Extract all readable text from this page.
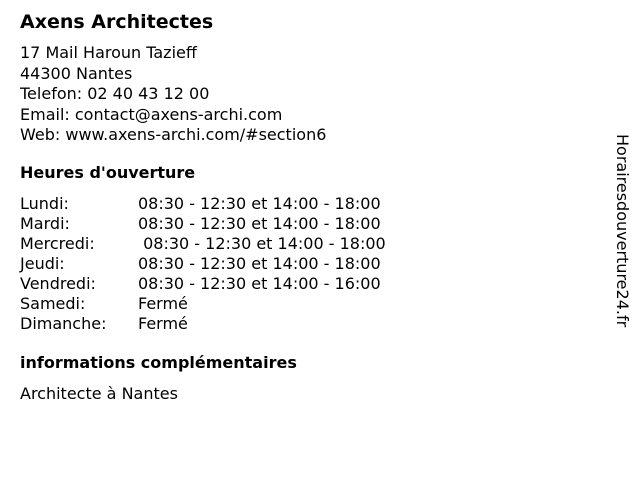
Axens Architectes
17 Mail Haroun Tazieff
44300 Nantes
Telefon: 02 40 43 12 00
Email: contact@axens-archi.com
Web: www.axens-archi.com/#section6
Heures d'ouverture
Lundi:	08:30 - 12:30 et 14:00 - 18:00
Mardi:	08:30 - 12:30 et 14:00 - 18:00
Mercredi:	08:30 - 12:30 et 14:00 - 18:00
Jeudi:	08:30 - 12:30 et 14:00 - 18:00
Vendredi:	08:30 - 12:30 et 14:00 - 16:00
Samedi:	Fermé
Dimanche: Fermé
informations complémentaires
Architecte à Nantes
Horairesdouverture24.fr
